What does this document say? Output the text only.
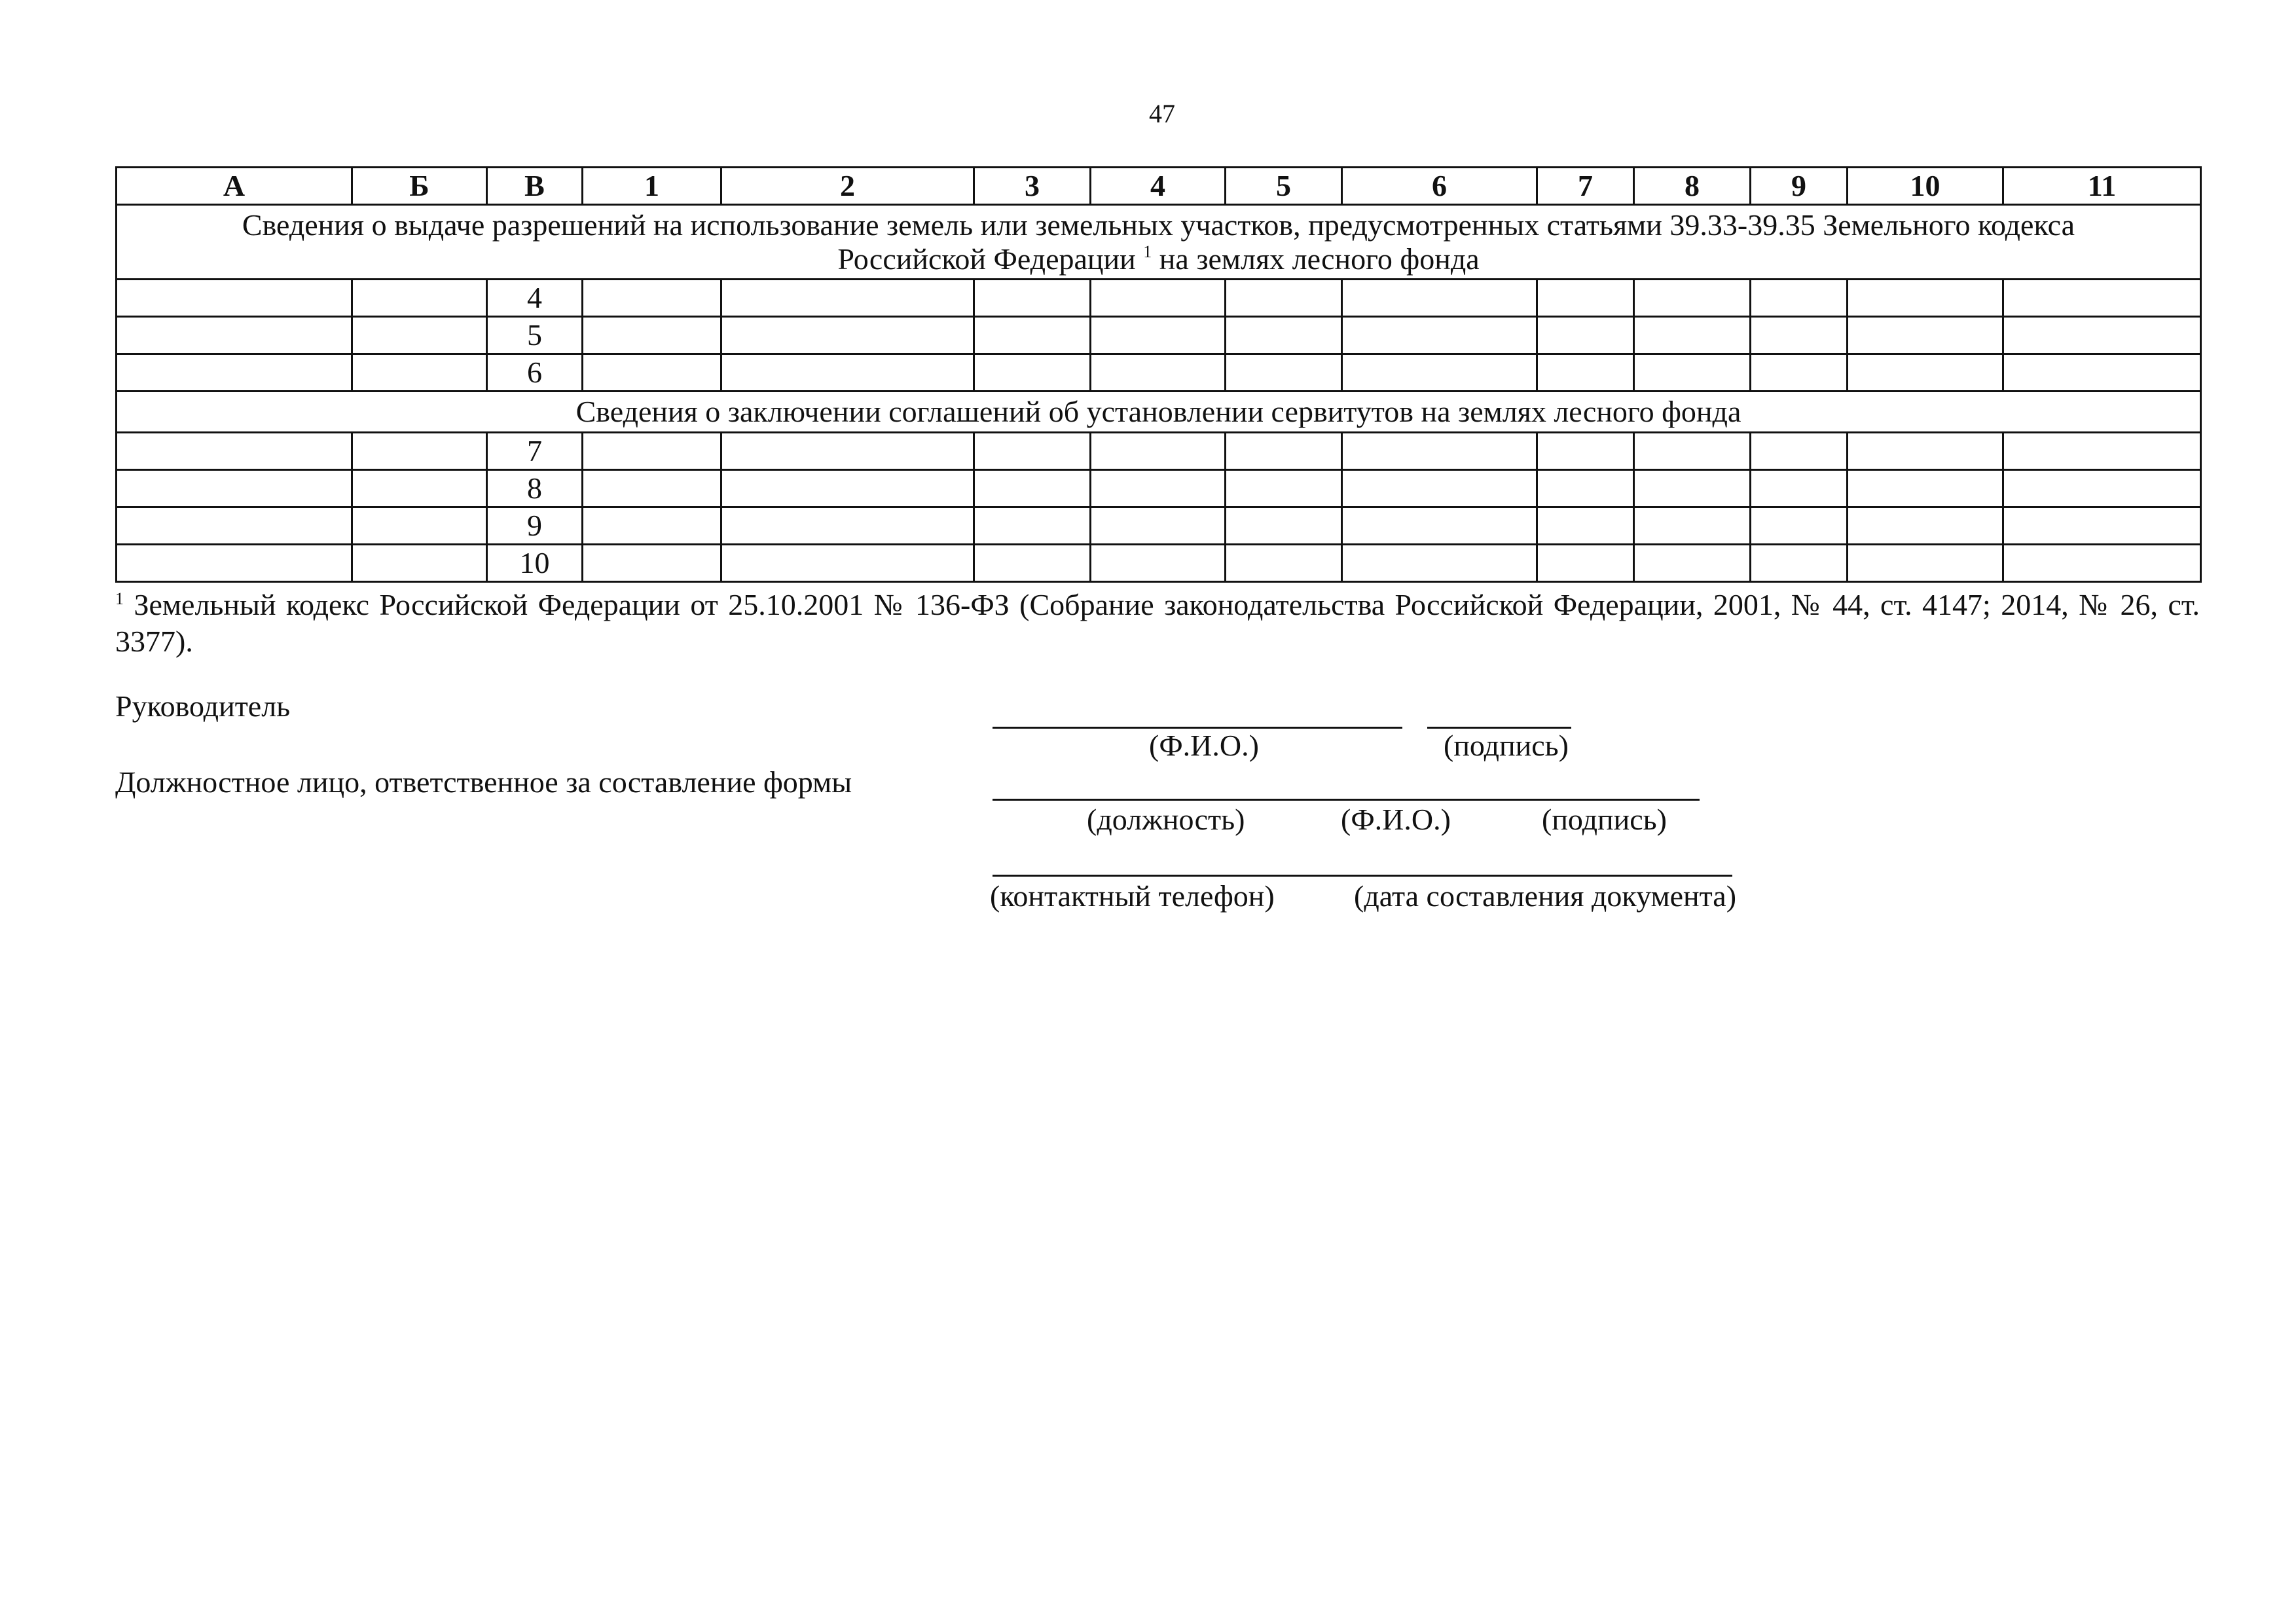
47
А	Б	В	1	2	3	4	5	6	7	8	9	10	11
Сведения о выдаче разрешений на использование земель или земельных участков, предусмотренных статьями 39.33-39.35 Земельного кодекса
Российской Федерации $^1$ на землях лесного фонда													
		4											
		5											
		6											
Сведения о заключении соглашений об установлении сервитутов на землях лесного фонда													
		7											
		8											
		9											
		10											
$^1$ Земельный кодекс Российской Федерации от 25.10.2001 № 136-ФЗ (Собрание законодательства Российской Федерации, 2001, № 44, ст. 4147; 2014, № 26, ст. 3377).
Руководитель
(Ф.И.О.)	(подпись)
Должностное лицо, ответственное за составление формы
(должность)	(Ф.И.О.)	(подпись)
(контактный телефон)	(дата составления документа)
